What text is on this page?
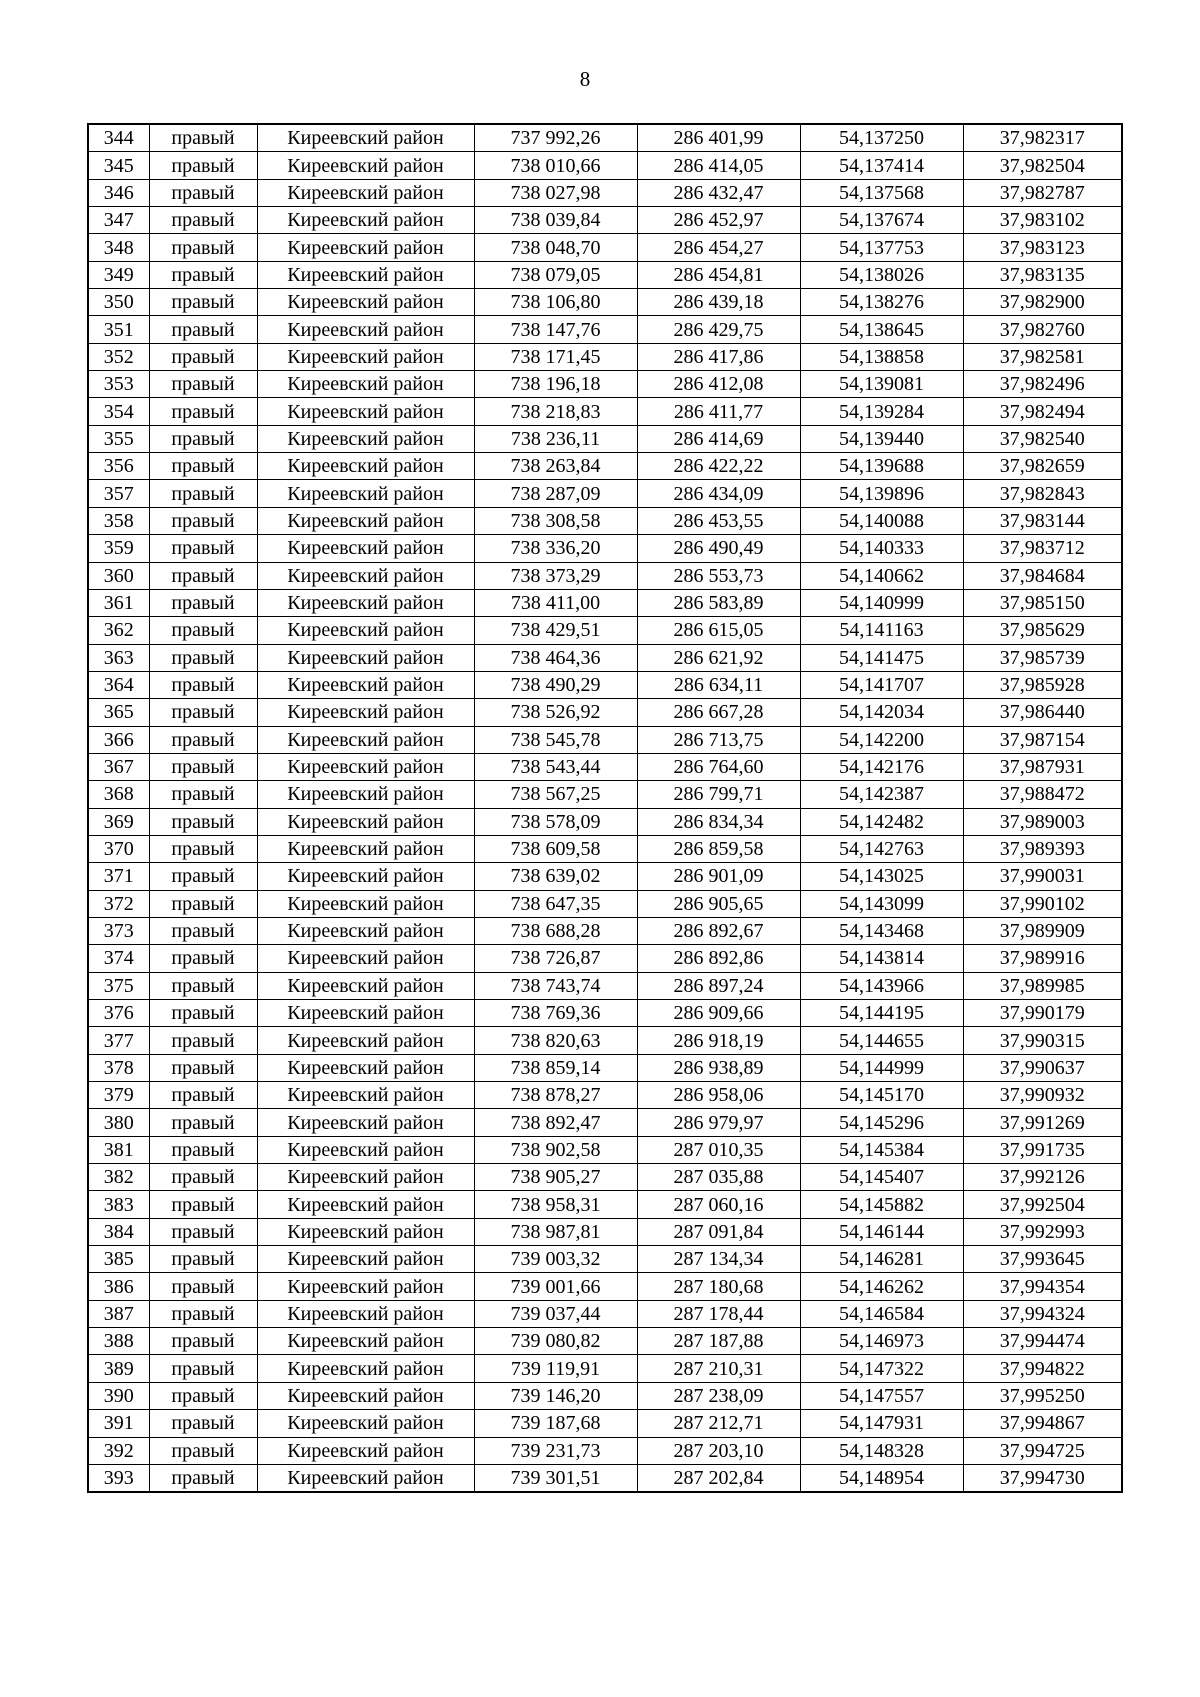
8
344	правый	Киреевский район	737 992,26	286 401,99	54,137250	37,982317
345	правый	Киреевский район	738 010,66	286 414,05	54,137414	37,982504
346	правый	Киреевский район	738 027,98	286 432,47	54,137568	37,982787
347	правый	Киреевский район	738 039,84	286 452,97	54,137674	37,983102
348	правый	Киреевский район	738 048,70	286 454,27	54,137753	37,983123
349	правый	Киреевский район	738 079,05	286 454,81	54,138026	37,983135
350	правый	Киреевский район	738 106,80	286 439,18	54,138276	37,982900
351	правый	Киреевский район	738 147,76	286 429,75	54,138645	37,982760
352	правый	Киреевский район	738 171,45	286 417,86	54,138858	37,982581
353	правый	Киреевский район	738 196,18	286 412,08	54,139081	37,982496
354	правый	Киреевский район	738 218,83	286 411,77	54,139284	37,982494
355	правый	Киреевский район	738 236,11	286 414,69	54,139440	37,982540
356	правый	Киреевский район	738 263,84	286 422,22	54,139688	37,982659
357	правый	Киреевский район	738 287,09	286 434,09	54,139896	37,982843
358	правый	Киреевский район	738 308,58	286 453,55	54,140088	37,983144
359	правый	Киреевский район	738 336,20	286 490,49	54,140333	37,983712
360	правый	Киреевский район	738 373,29	286 553,73	54,140662	37,984684
361	правый	Киреевский район	738 411,00	286 583,89	54,140999	37,985150
362	правый	Киреевский район	738 429,51	286 615,05	54,141163	37,985629
363	правый	Киреевский район	738 464,36	286 621,92	54,141475	37,985739
364	правый	Киреевский район	738 490,29	286 634,11	54,141707	37,985928
365	правый	Киреевский район	738 526,92	286 667,28	54,142034	37,986440
366	правый	Киреевский район	738 545,78	286 713,75	54,142200	37,987154
367	правый	Киреевский район	738 543,44	286 764,60	54,142176	37,987931
368	правый	Киреевский район	738 567,25	286 799,71	54,142387	37,988472
369	правый	Киреевский район	738 578,09	286 834,34	54,142482	37,989003
370	правый	Киреевский район	738 609,58	286 859,58	54,142763	37,989393
371	правый	Киреевский район	738 639,02	286 901,09	54,143025	37,990031
372	правый	Киреевский район	738 647,35	286 905,65	54,143099	37,990102
373	правый	Киреевский район	738 688,28	286 892,67	54,143468	37,989909
374	правый	Киреевский район	738 726,87	286 892,86	54,143814	37,989916
375	правый	Киреевский район	738 743,74	286 897,24	54,143966	37,989985
376	правый	Киреевский район	738 769,36	286 909,66	54,144195	37,990179
377	правый	Киреевский район	738 820,63	286 918,19	54,144655	37,990315
378	правый	Киреевский район	738 859,14	286 938,89	54,144999	37,990637
379	правый	Киреевский район	738 878,27	286 958,06	54,145170	37,990932
380	правый	Киреевский район	738 892,47	286 979,97	54,145296	37,991269
381	правый	Киреевский район	738 902,58	287 010,35	54,145384	37,991735
382	правый	Киреевский район	738 905,27	287 035,88	54,145407	37,992126
383	правый	Киреевский район	738 958,31	287 060,16	54,145882	37,992504
384	правый	Киреевский район	738 987,81	287 091,84	54,146144	37,992993
385	правый	Киреевский район	739 003,32	287 134,34	54,146281	37,993645
386	правый	Киреевский район	739 001,66	287 180,68	54,146262	37,994354
387	правый	Киреевский район	739 037,44	287 178,44	54,146584	37,994324
388	правый	Киреевский район	739 080,82	287 187,88	54,146973	37,994474
389	правый	Киреевский район	739 119,91	287 210,31	54,147322	37,994822
390	правый	Киреевский район	739 146,20	287 238,09	54,147557	37,995250
391	правый	Киреевский район	739 187,68	287 212,71	54,147931	37,994867
392	правый	Киреевский район	739 231,73	287 203,10	54,148328	37,994725
393	правый	Киреевский район	739 301,51	287 202,84	54,148954	37,994730
